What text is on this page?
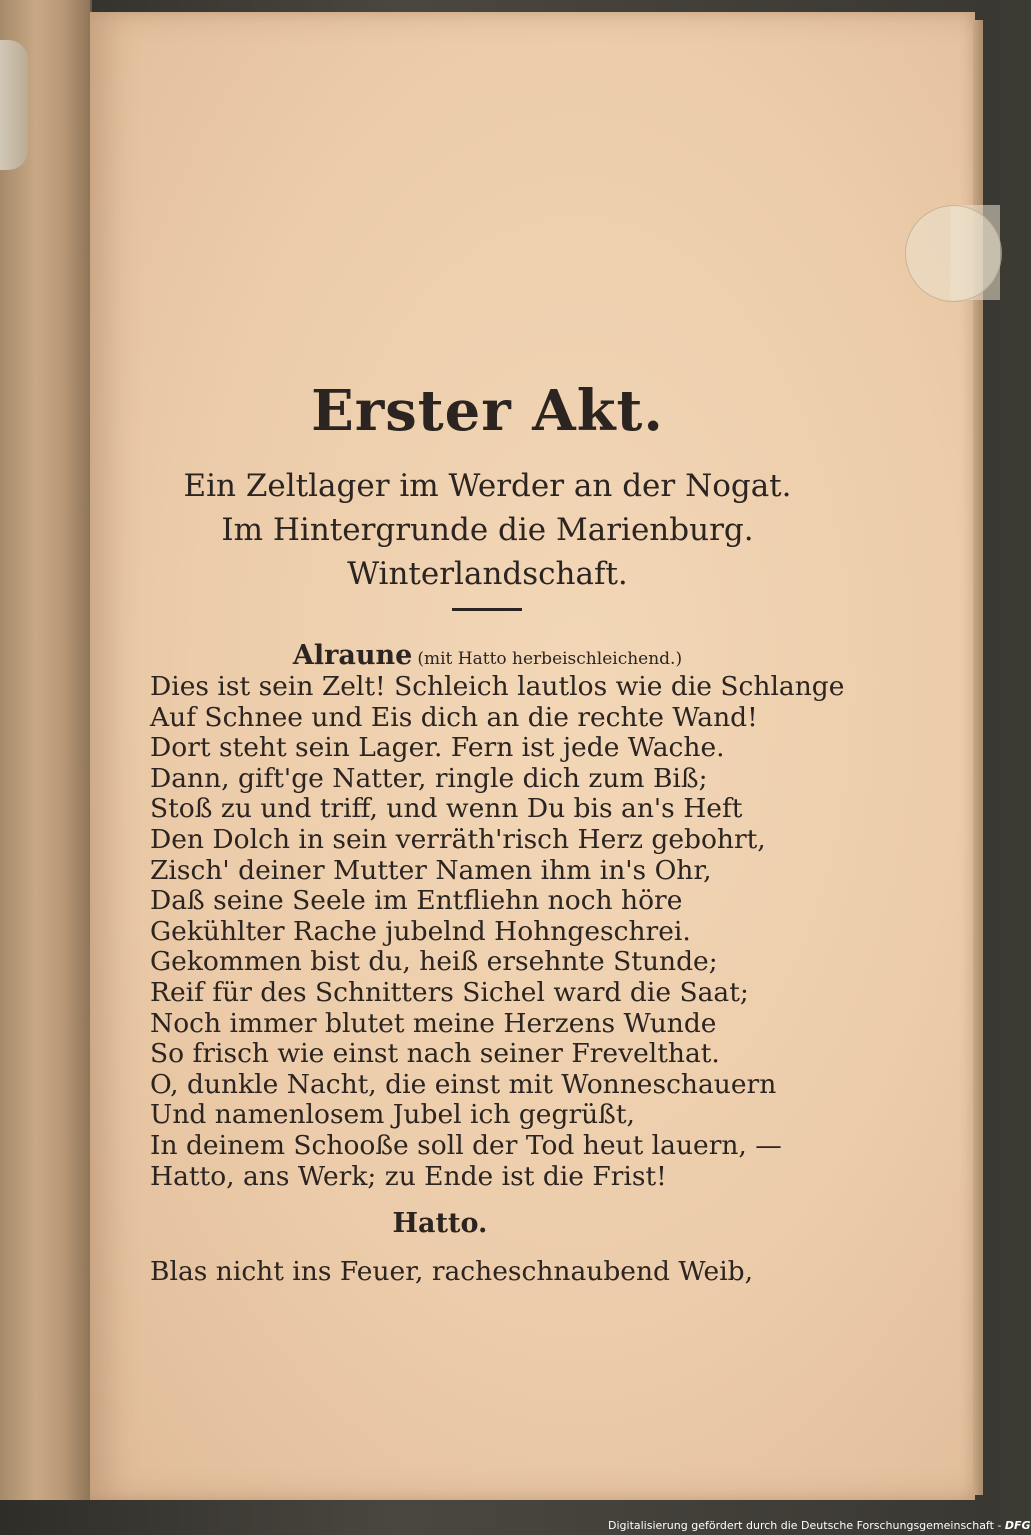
Erster Akt.

Ein Zeltlager im Werder an der Nogat.

Im Hintergrunde die Marienburg.

Winterlandschaft.

Alraune (mit Hatto herbeischleichend.)
Dies ist sein Zelt! Schleich lautlos wie die Schlange
Auf Schnee und Eis dich an die rechte Wand!
Dort steht sein Lager. Fern ist jede Wache.
Dann, gift'ge Natter, ringle dich zum Biß;
Stoß zu und triff, und wenn Du bis an's Heft
Den Dolch in sein verräth'risch Herz gebohrt,
Zisch' deiner Mutter Namen ihm in's Ohr,
Daß seine Seele im Entfliehn noch höre
Gekühlter Rache jubelnd Hohngeschrei.
Gekommen bist du, heiß ersehnte Stunde;
Reif für des Schnitters Sichel ward die Saat;
Noch immer blutet meine Herzens Wunde
So frisch wie einst nach seiner Frevelthat.
O, dunkle Nacht, die einst mit Wonneschauern
Und namenlosem Jubel ich gegrüßt,
In deinem Schooße soll der Tod heut lauern, —
Hatto, ans Werk; zu Ende ist die Frist!
Hatto.
Blas nicht ins Feuer, racheschnaubend Weib,
Digitalisierung gefördert durch die Deutsche Forschungsgemeinschaft - DFG
